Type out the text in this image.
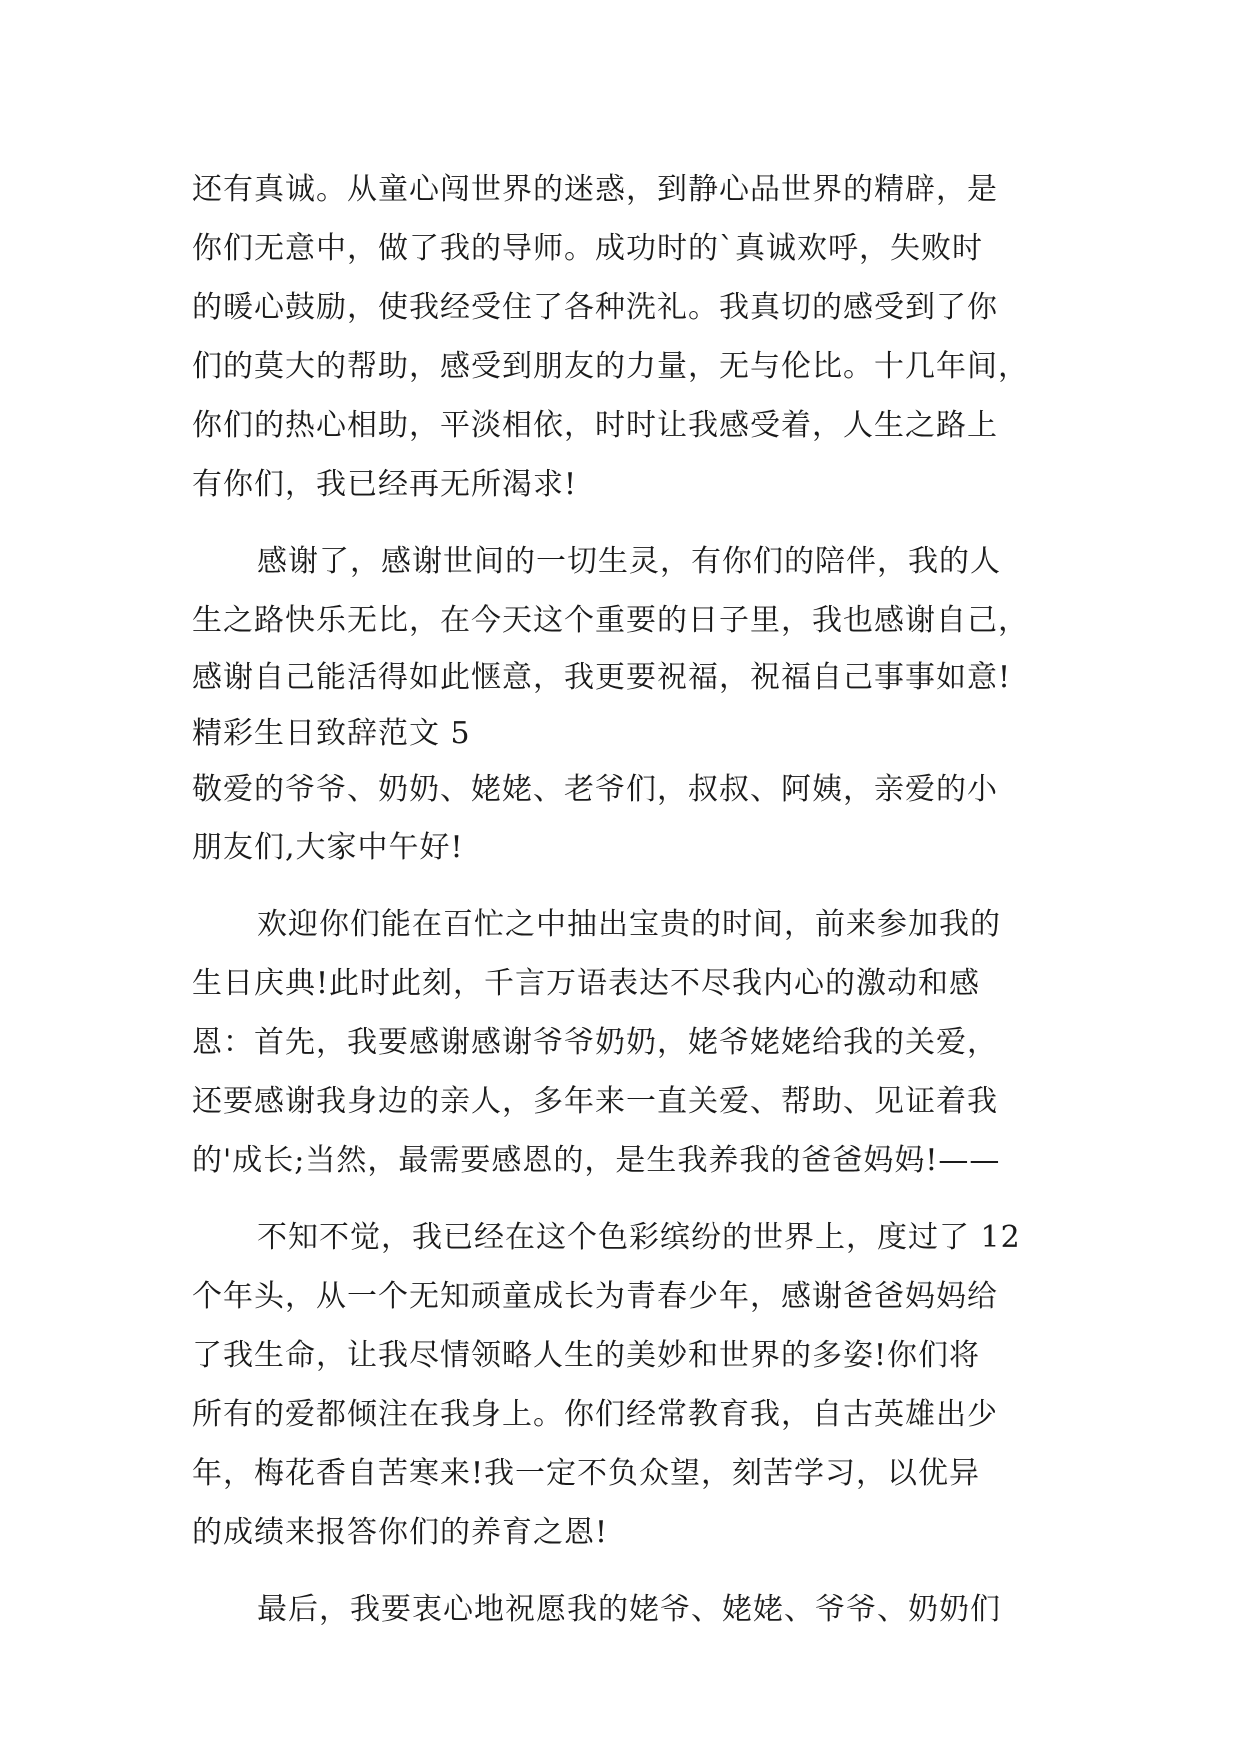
还有真诚。从童心闯世界的迷惑，到静心品世界的精辟，是
你们无意中，做了我的导师。成功时的`真诚欢呼，失败时
的暖心鼓励，使我经受住了各种洗礼。我真切的感受到了你
们的莫大的帮助，感受到朋友的力量，无与伦比。十几年间，
你们的热心相助，平淡相依，时时让我感受着，人生之路上
有你们，我已经再无所渴求!
感谢了，感谢世间的一切生灵，有你们的陪伴，我的人
生之路快乐无比，在今天这个重要的日子里，我也感谢自己，
感谢自己能活得如此惬意，我更要祝福，祝福自己事事如意!
精彩生日致辞范文 5
敬爱的爷爷、奶奶、姥姥、老爷们，叔叔、阿姨，亲爱的小
朋友们,大家中午好!
欢迎你们能在百忙之中抽出宝贵的时间，前来参加我的
生日庆典!此时此刻，千言万语表达不尽我内心的激动和感
恩：首先，我要感谢感谢爷爷奶奶，姥爷姥姥给我的关爱，
还要感谢我身边的亲人，多年来一直关爱、帮助、见证着我
的'成长;当然，最需要感恩的，是生我养我的爸爸妈妈!——
不知不觉，我已经在这个色彩缤纷的世界上，度过了 12
个年头，从一个无知顽童成长为青春少年，感谢爸爸妈妈给
了我生命，让我尽情领略人生的美妙和世界的多姿!你们将
所有的爱都倾注在我身上。你们经常教育我，自古英雄出少
年，梅花香自苦寒来!我一定不负众望，刻苦学习，以优异
的成绩来报答你们的养育之恩!
最后，我要衷心地祝愿我的姥爷、姥姥、爷爷、奶奶们
